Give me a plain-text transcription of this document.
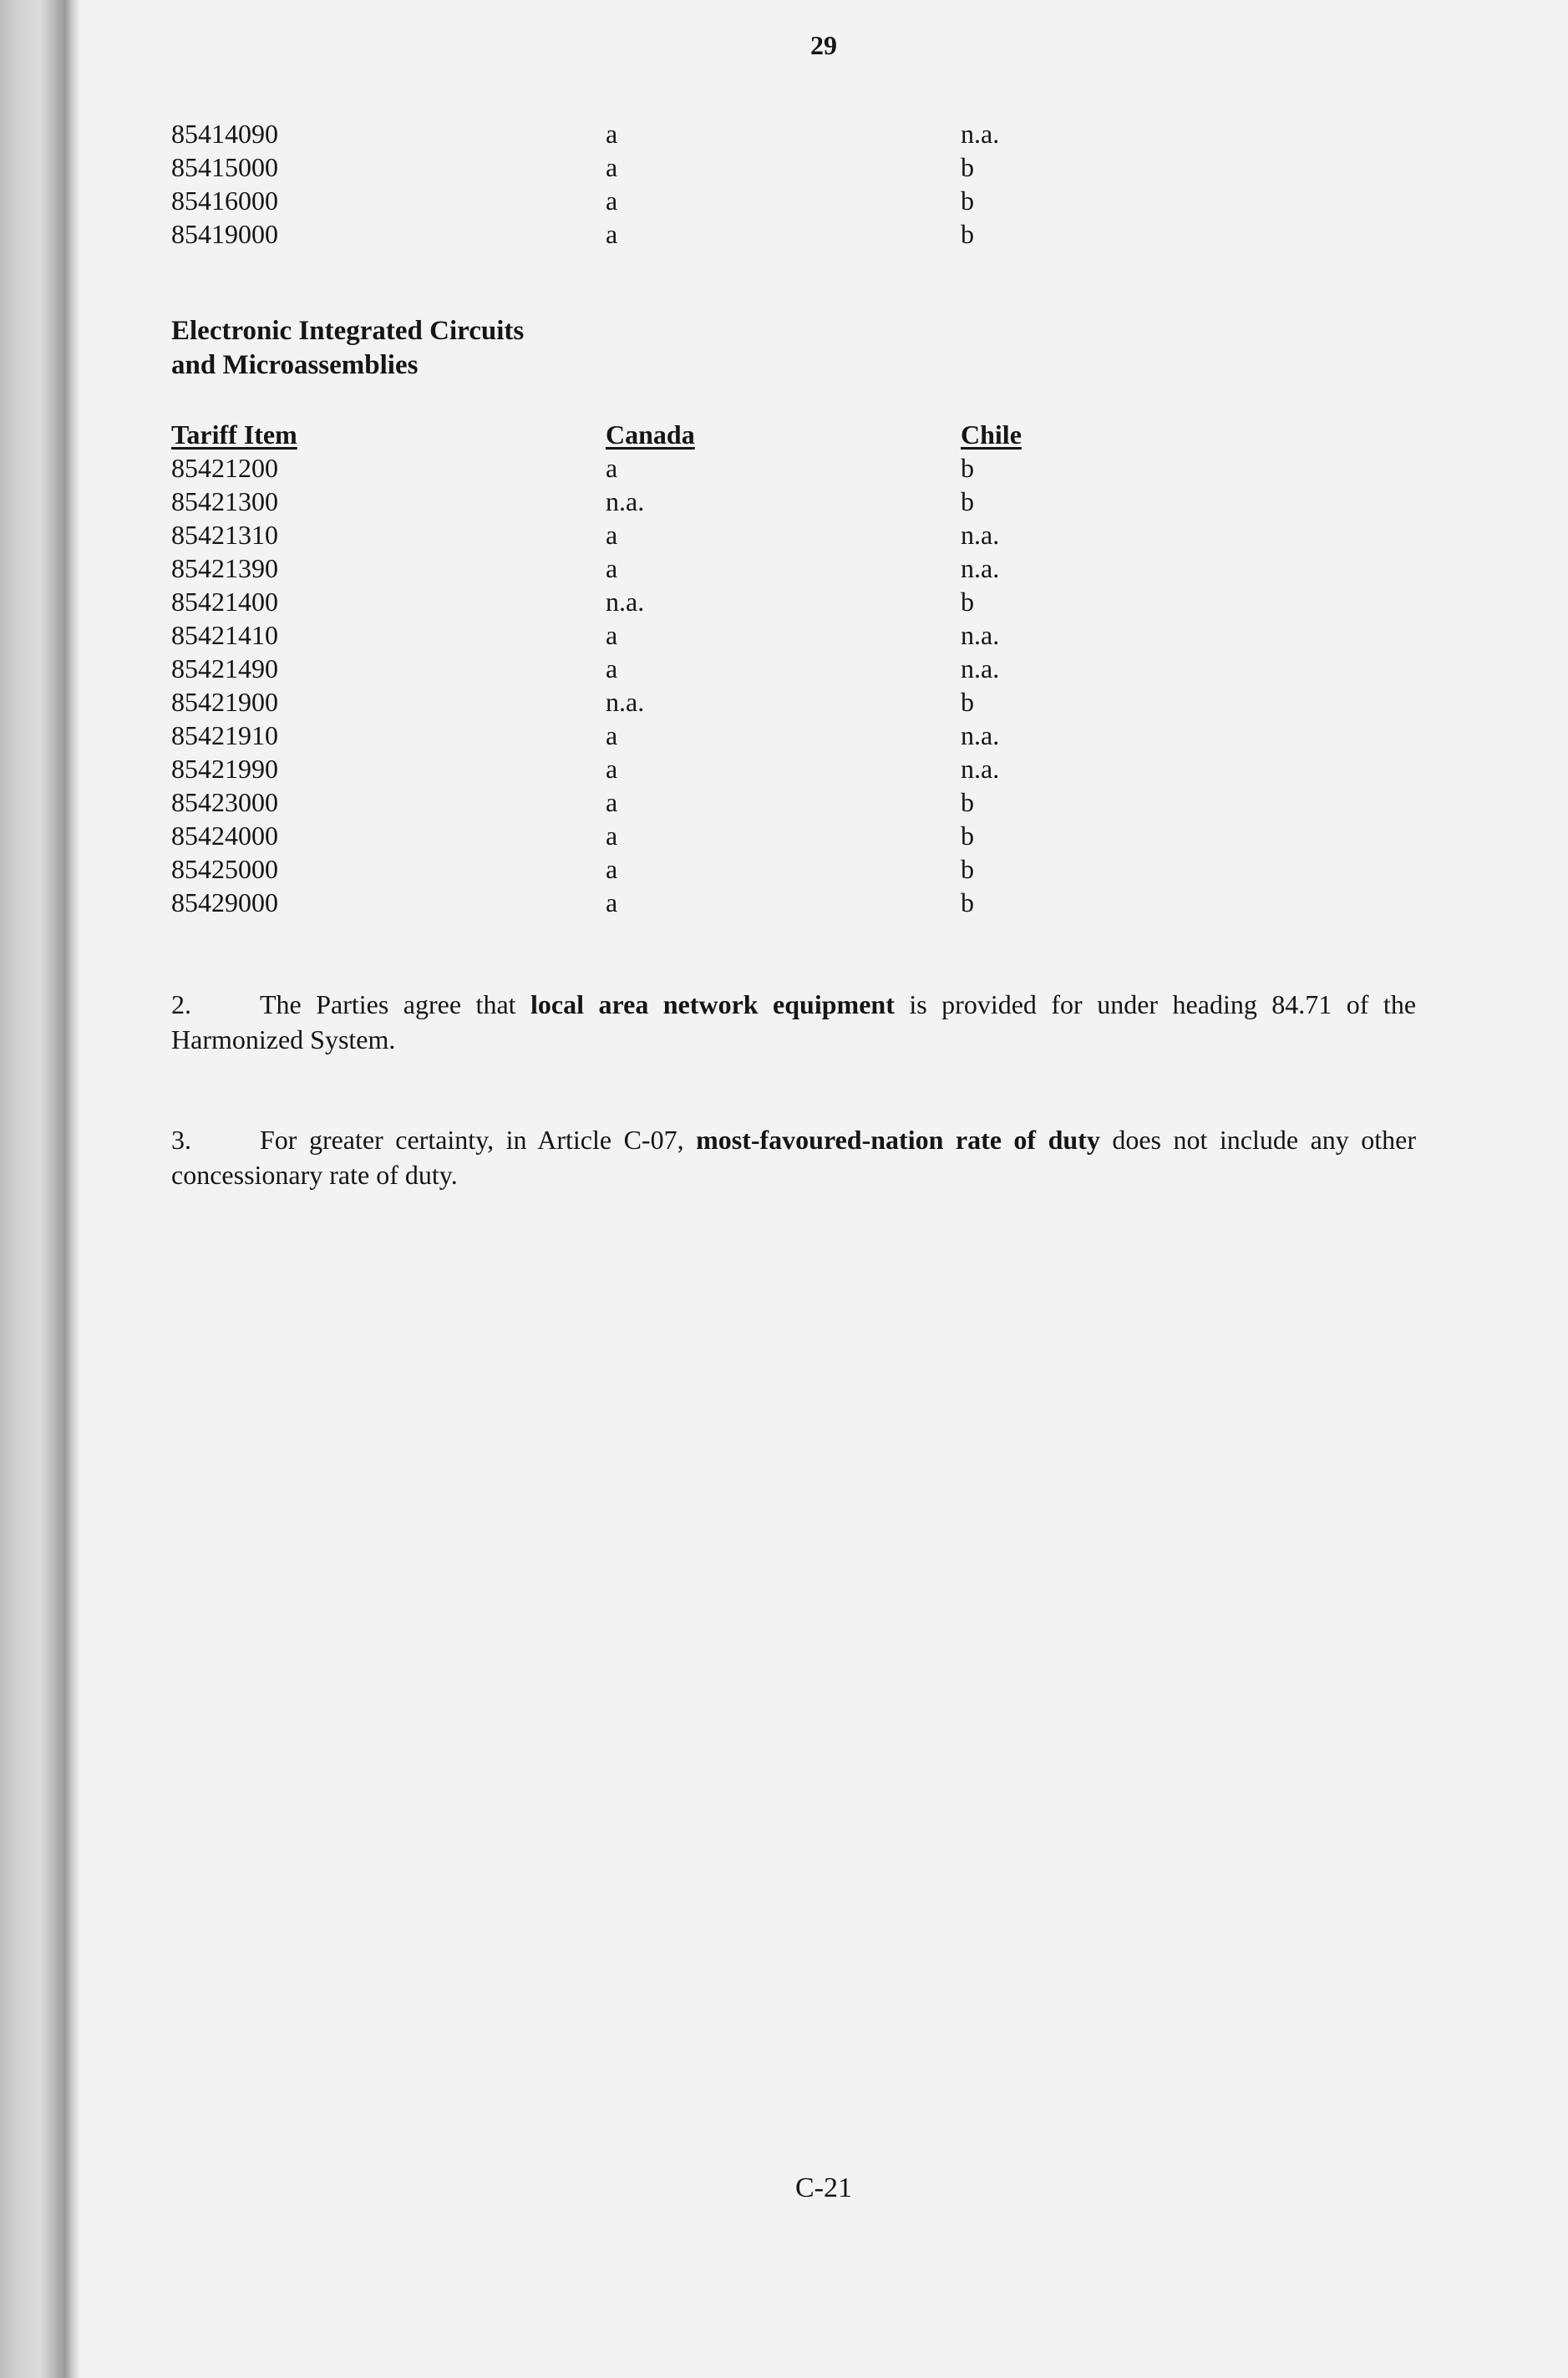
29
85414090	a	n.a.
85415000	a	b
85416000	a	b
85419000	a	b
Electronic Integrated Circuits
and Microassemblies
Tariff Item	Canada	Chile
85421200	a	b
85421300	n.a.	b
85421310	a	n.a.
85421390	a	n.a.
85421400	n.a.	b
85421410	a	n.a.
85421490	a	n.a.
85421900	n.a.	b
85421910	a	n.a.
85421990	a	n.a.
85423000	a	b
85424000	a	b
85425000	a	b
85429000	a	b
2.	The Parties agree that local area network equipment is provided for under heading 84.71 of the Harmonized System.
3.	For greater certainty, in Article C-07, most-favoured-nation rate of duty does not include any other concessionary rate of duty.
C-21
